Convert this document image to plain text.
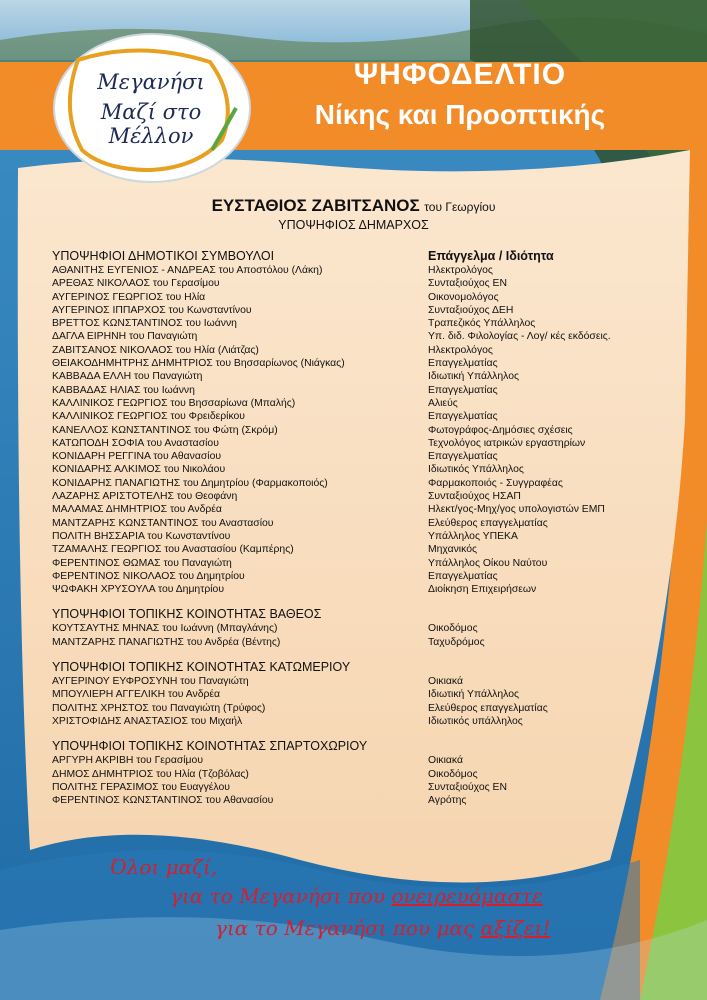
Μεγανήσι
Μαζί στο Μέλλον
ΨΗΦΟΔΕΛΤΙΟ
Νίκης και Προοπτικής
ΕΥΣΤΑΘΙΟΣ ΖΑΒΙΤΣΑΝΟΣ του Γεωργίου
ΥΠΟΨΗΦΙΟΣ ΔΗΜΑΡΧΟΣ
ΥΠΟΨΗΦΙΟΙ ΔΗΜΟΤΙΚΟΙ ΣΥΜΒΟΥΛΟΙ	Επάγγελμα / Ιδιότητα
ΑΘΑΝΙΤΗΣ ΕΥΓΕΝΙΟΣ - ΑΝΔΡΕΑΣ του Αποστόλου (Λάκη)	Ηλεκτρολόγος
ΑΡΕΘΑΣ ΝΙΚΟΛΑΟΣ του Γερασίμου	Συνταξιούχος ΕΝ
ΑΥΓΕΡΙΝΟΣ ΓΕΩΡΓΙΟΣ του Ηλία	Οικονομολόγος
ΑΥΓΕΡΙΝΟΣ ΙΠΠΑΡΧΟΣ του Κωνσταντίνου	Συνταξιούχος ΔΕΗ
ΒΡΕΤΤΟΣ ΚΩΝΣΤΑΝΤΙΝΟΣ του Ιωάννη	Τραπεζικός Υπάλληλος
ΔΑΓΛΑ ΕΙΡΗΝΗ του Παναγιώτη	Υπ. διδ. Φιλολογίας - Λογ/ κές εκδόσεις.
ΖΑΒΙΤΣΑΝΟΣ ΝΙΚΟΛΑΟΣ του Ηλία (Λιάτζας)	Ηλεκτρολόγος
ΘΕΙΑΚΟΔΗΜΗΤΡΗΣ ΔΗΜΗΤΡΙΟΣ του Βησσαρίωνος (Νιάγκας)	Επαγγελματίας
ΚΑΒΒΑΔΑ ΕΛΛΗ του Παναγιώτη	Ιδιωτική Υπάλληλος
ΚΑΒΒΑΔΑΣ ΗΛΙΑΣ του Ιωάννη	Επαγγελματίας
ΚΑΛΛΙΝΙΚΟΣ ΓΕΩΡΓΙΟΣ του Βησσαρίωνα (Μπαλής)	Αλιεύς
ΚΑΛΛΙΝΙΚΟΣ ΓΕΩΡΓΙΟΣ του Φρειδερίκου	Επαγγελματίας
ΚΑΝΕΛΛΟΣ ΚΩΝΣΤΑΝΤΙΝΟΣ του Φώτη (Σκρόμ)	Φωτογράφος-Δημόσιες σχέσεις
ΚΑΤΩΠΟΔΗ ΣΟΦΙΑ του Αναστασίου	Τεχνολόγος ιατρικών εργαστηρίων
ΚΟΝΙΔΑΡΗ ΡΕΓΓΙΝΑ του Αθανασίου	Επαγγελματίας
ΚΟΝΙΔΑΡΗΣ ΑΛΚΙΜΟΣ του Νικολάου	Ιδιωτικός Υπάλληλος
ΚΟΝΙΔΑΡΗΣ ΠΑΝΑΓΙΩΤΗΣ του Δημητρίου (Φαρμακοποιός)	Φαρμακοποιός - Συγγραφέας
ΛΑΖΑΡΗΣ ΑΡΙΣΤΟΤΕΛΗΣ του Θεοφάνη	Συνταξιούχος ΗΣΑΠ
ΜΑΛΑΜΑΣ ΔΗΜΗΤΡΙΟΣ του Ανδρέα	Ηλεκτ/γος-Μηχ/γος υπολογιστών ΕΜΠ
ΜΑΝΤΖΑΡΗΣ ΚΩΝΣΤΑΝΤΙΝΟΣ του Αναστασίου	Ελεύθερος επαγγελματίας
ΠΟΛΙΤΗ ΒΗΣΣΑΡΙΑ του Κωνσταντίνου	Υπάλληλος ΥΠΕΚΑ
ΤΖΑΜΑΛΗΣ ΓΕΩΡΓΙΟΣ του Αναστασίου (Καμπέρης)	Μηχανικός
ΦΕΡΕΝΤΙΝΟΣ ΘΩΜΑΣ του Παναγιώτη	Υπάλληλος Οίκου Ναύτου
ΦΕΡΕΝΤΙΝΟΣ ΝΙΚΟΛΑΟΣ του Δημητρίου	Επαγγελματίας
ΨΩΦΑΚΗ ΧΡΥΣΟΥΛΑ του Δημητρίου	Διοίκηση Επιχειρήσεων
ΥΠΟΨΗΦΙΟΙ ΤΟΠΙΚΗΣ ΚΟΙΝΟΤΗΤΑΣ ΒΑΘΕΟΣ
ΚΟΥΤΣΑΥΤΗΣ ΜΗΝΑΣ του Ιωάννη (Μπαγλάνης)	Οικοδόμος
ΜΑΝΤΖΑΡΗΣ ΠΑΝΑΓΙΩΤΗΣ του Ανδρέα (Βέντης)	Ταχυδρόμος
ΥΠΟΨΗΦΙΟΙ ΤΟΠΙΚΗΣ ΚΟΙΝΟΤΗΤΑΣ ΚΑΤΩΜΕΡΙΟΥ
ΑΥΓΕΡΙΝΟΥ ΕΥΦΡΟΣΥΝΗ του Παναγιώτη	Οικιακά
ΜΠΟΥΛΙΕΡΗ ΑΓΓΕΛΙΚΗ του Ανδρέα	Ιδιωτική Υπάλληλος
ΠΟΛΙΤΗΣ ΧΡΗΣΤΟΣ του Παναγιώτη (Τρύφος)	Ελεύθερος επαγγελματίας
ΧΡΙΣΤΟΦΙΔΗΣ ΑΝΑΣΤΑΣΙΟΣ του Μιχαήλ	Ιδιωτικός υπάλληλος
ΥΠΟΨΗΦΙΟΙ ΤΟΠΙΚΗΣ ΚΟΙΝΟΤΗΤΑΣ ΣΠΑΡΤΟΧΩΡΙΟΥ
ΑΡΓΥΡΗ ΑΚΡΙΒΗ του Γερασίμου	Οικιακά
ΔΗΜΟΣ ΔΗΜΗΤΡΙΟΣ του Ηλία (Τζοβόλας)	Οικοδόμος
ΠΟΛΙΤΗΣ ΓΕΡΑΣΙΜΟΣ του Ευαγγέλου	Συνταξιούχος ΕΝ
ΦΕΡΕΝΤΙΝΟΣ ΚΩΝΣΤΑΝΤΙΝΟΣ του Αθανασίου	Αγρότης
Όλοι μαζί,
για το Μεγανήσι που ονειρευόμαστε
για το Μεγανήσι που μας αξίζει!
